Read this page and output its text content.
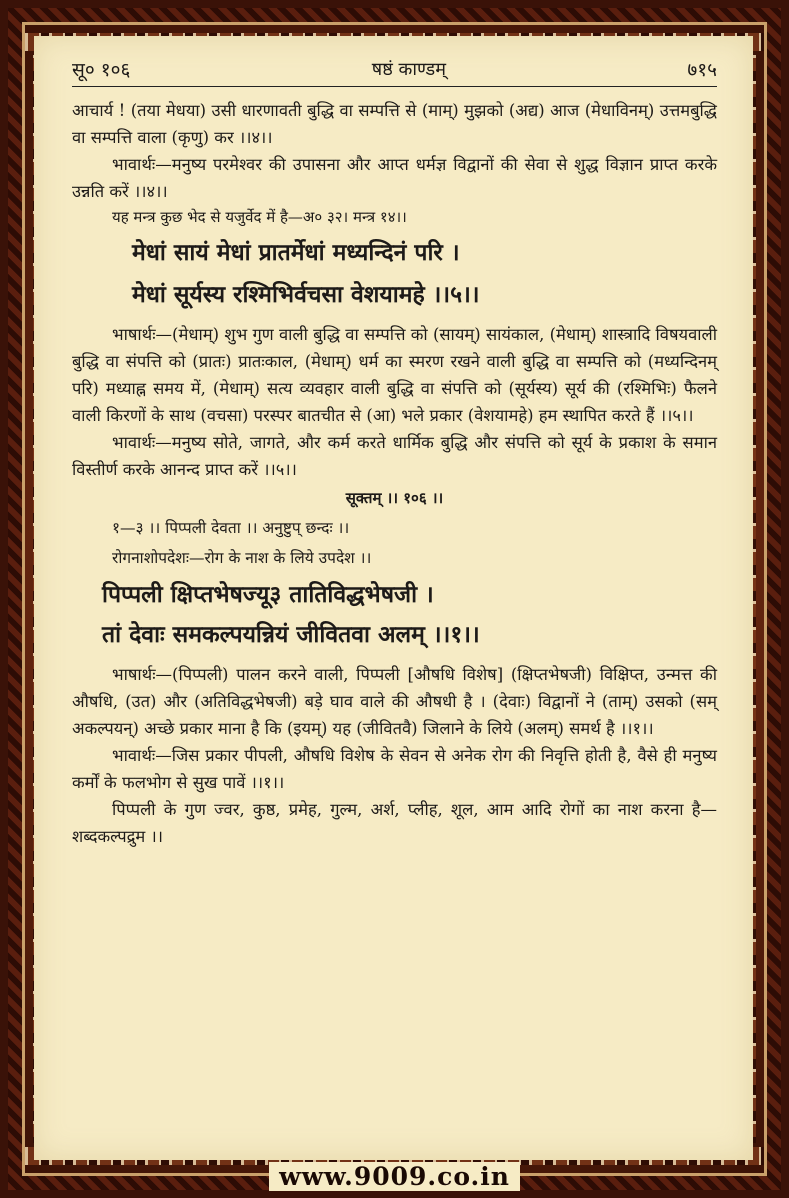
सू० १०६	षष्ठं काण्डम्	७१५
आचार्य ! (तया मेधया) उसी धारणावती बुद्धि वा सम्पत्ति से (माम्) मुझको (अद्य) आज (मेधाविनम्) उत्तमबुद्धि वा सम्पत्ति वाला (कृणु) कर ।।४।।
भावार्थः—मनुष्य परमेश्वर की उपासना और आप्त धर्मज्ञ विद्वानों की सेवा से शुद्ध विज्ञान प्राप्त करके उन्नति करें ।।४।।
यह मन्त्र कुछ भेद से यजुर्वेद में है—अ० ३२। मन्त्र १४।।
मेधां सायं मेधां प्रातर्मेधां मध्यन्दिनं परि ।
मेधां सूर्यस्य रश्मिभिर्वचसा वेशयामहे ।।५।।
भाषार्थः—(मेधाम्) शुभ गुण वाली बुद्धि वा सम्पत्ति को (सायम्) सायंकाल, (मेधाम्) शास्त्रादि विषयवाली बुद्धि वा संपत्ति को (प्रातः) प्रातःकाल, (मेधाम्) धर्म का स्मरण रखने वाली बुद्धि वा सम्पत्ति को (मध्यन्दिनम् परि) मध्याह्न समय में, (मेधाम्) सत्य व्यवहार वाली बुद्धि वा संपत्ति को (सूर्यस्य) सूर्य की (रश्मिभिः) फैलने वाली किरणों के साथ (वचसा) परस्पर बातचीत से (आ) भले प्रकार (वेशयामहे) हम स्थापित करते हैं ।।५।।
भावार्थः—मनुष्य सोते, जागते, और कर्म करते धार्मिक बुद्धि और संपत्ति को सूर्य के प्रकाश के समान विस्तीर्ण करके आनन्द प्राप्त करें ।।५।।
सूक्तम् ।। १०६ ।।
१—३ ।। पिप्पली देवता ।। अनुष्टुप् छन्दः ।।
रोगनाशोपदेशः—रोग के नाश के लिये उपदेश ।।
पिप्पली क्षिप्तभेषज्यू३ तातिविद्धभेषजी ।
तां देवाः समकल्पयन्नियं जीवितवा अलम् ।।१।।
भाषार्थः—(पिप्पली) पालन करने वाली, पिप्पली [औषधि विशेष] (क्षिप्तभेषजी) विक्षिप्त, उन्मत्त की औषधि, (उत) और (अतिविद्धभेषजी) बड़े घाव वाले की औषधी है । (देवाः) विद्वानों ने (ताम्) उसको (सम् अकल्पयन्) अच्छे प्रकार माना है कि (इयम्) यह (जीवितवै) जिलाने के लिये (अलम्) समर्थ है ।।१।।
भावार्थः—जिस प्रकार पीपली, औषधि विशेष के सेवन से अनेक रोग की निवृत्ति होती है, वैसे ही मनुष्य कर्मों के फलभोग से सुख पावें ।।१।।
पिप्पली के गुण ज्वर, कुष्ठ, प्रमेह, गुल्म, अर्श, प्लीह, शूल, आम आदि रोगों का नाश करना है—शब्दकल्पद्रुम ।।
www.9009.co.in
